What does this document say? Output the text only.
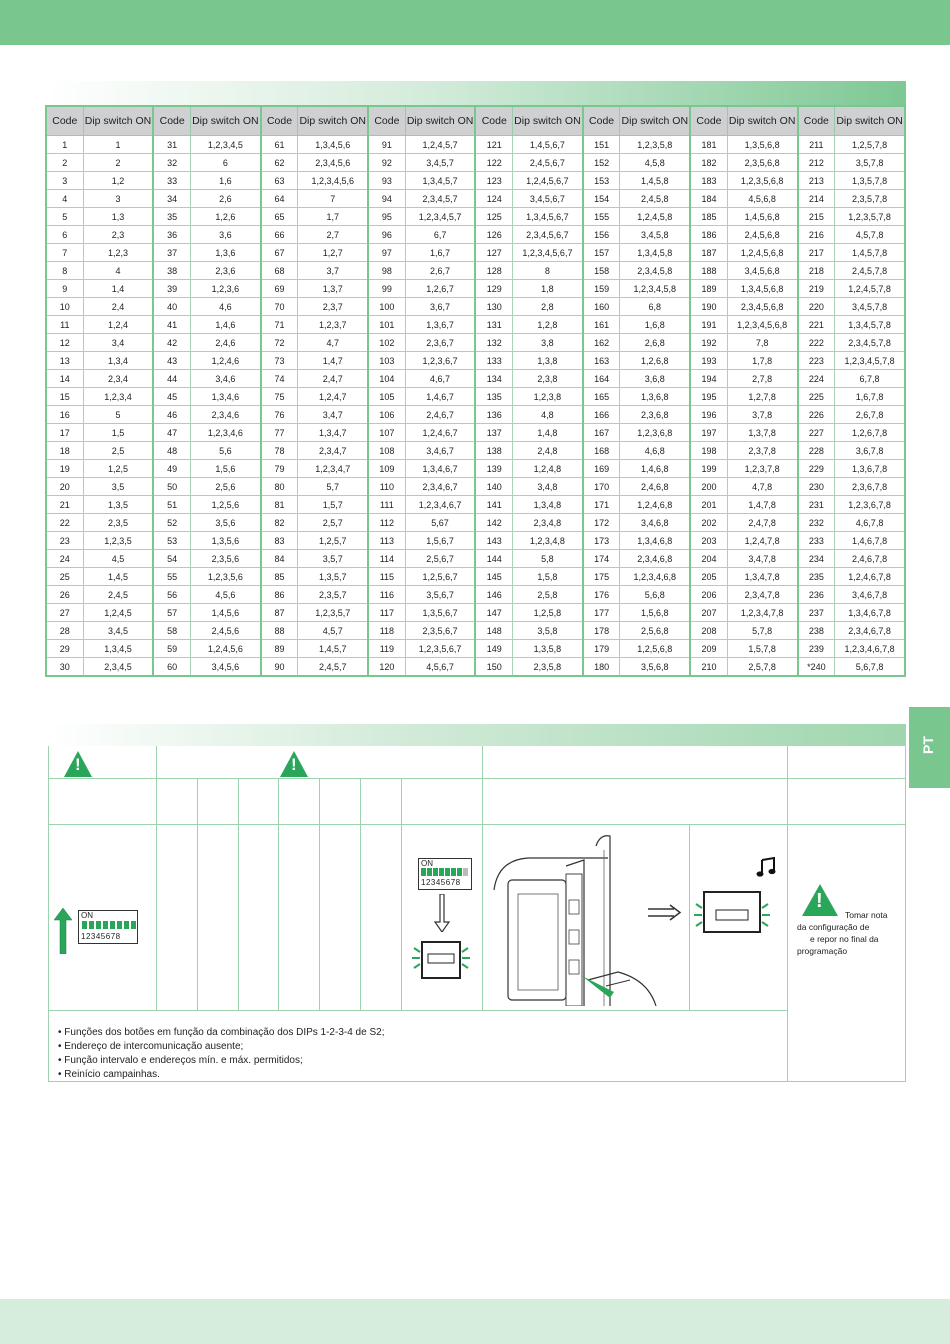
Code	Dip switch ON	Code	Dip switch ON	Code	Dip switch ON	Code	Dip switch ON	Code	Dip switch ON	Code	Dip switch ON	Code	Dip switch ON	Code	Dip switch ON
1	1	31	1,2,3,4,5	61	1,3,4,5,6	91	1,2,4,5,7	121	1,4,5,6,7	151	1,2,3,5,8	181	1,3,5,6,8	211	1,2,5,7,8
2	2	32	6	62	2,3,4,5,6	92	3,4,5,7	122	2,4,5,6,7	152	4,5,8	182	2,3,5,6,8	212	3,5,7,8
3	1,2	33	1,6	63	1,2,3,4,5,6	93	1,3,4,5,7	123	1,2,4,5,6,7	153	1,4,5,8	183	1,2,3,5,6,8	213	1,3,5,7,8
4	3	34	2,6	64	7	94	2,3,4,5,7	124	3,4,5,6,7	154	2,4,5,8	184	4,5,6,8	214	2,3,5,7,8
5	1,3	35	1,2,6	65	1,7	95	1,2,3,4,5,7	125	1,3,4,5,6,7	155	1,2,4,5,8	185	1,4,5,6,8	215	1,2,3,5,7,8
6	2,3	36	3,6	66	2,7	96	6,7	126	2,3,4,5,6,7	156	3,4,5,8	186	2,4,5,6,8	216	4,5,7,8
7	1,2,3	37	1,3,6	67	1,2,7	97	1,6,7	127	1,2,3,4,5,6,7	157	1,3,4,5,8	187	1,2,4,5,6,8	217	1,4,5,7,8
8	4	38	2,3,6	68	3,7	98	2,6,7	128	8	158	2,3,4,5,8	188	3,4,5,6,8	218	2,4,5,7,8
9	1,4	39	1,2,3,6	69	1,3,7	99	1,2,6,7	129	1,8	159	1,2,3,4,5,8	189	1,3,4,5,6,8	219	1,2,4,5,7,8
10	2,4	40	4,6	70	2,3,7	100	3,6,7	130	2,8	160	6,8	190	2,3,4,5,6,8	220	3,4,5,7,8
11	1,2,4	41	1,4,6	71	1,2,3,7	101	1,3,6,7	131	1,2,8	161	1,6,8	191	1,2,3,4,5,6,8	221	1,3,4,5,7,8
12	3,4	42	2,4,6	72	4,7	102	2,3,6,7	132	3,8	162	2,6,8	192	7,8	222	2,3,4,5,7,8
13	1,3,4	43	1,2,4,6	73	1,4,7	103	1,2,3,6,7	133	1,3,8	163	1,2,6,8	193	1,7,8	223	1,2,3,4,5,7,8
14	2,3,4	44	3,4,6	74	2,4,7	104	4,6,7	134	2,3,8	164	3,6,8	194	2,7,8	224	6,7,8
15	1,2,3,4	45	1,3,4,6	75	1,2,4,7	105	1,4,6,7	135	1,2,3,8	165	1,3,6,8	195	1,2,7,8	225	1,6,7,8
16	5	46	2,3,4,6	76	3,4,7	106	2,4,6,7	136	4,8	166	2,3,6,8	196	3,7,8	226	2,6,7,8
17	1,5	47	1,2,3,4,6	77	1,3,4,7	107	1,2,4,6,7	137	1,4,8	167	1,2,3,6,8	197	1,3,7,8	227	1,2,6,7,8
18	2,5	48	5,6	78	2,3,4,7	108	3,4,6,7	138	2,4,8	168	4,6,8	198	2,3,7,8	228	3,6,7,8
19	1,2,5	49	1,5,6	79	1,2,3,4,7	109	1,3,4,6,7	139	1,2,4,8	169	1,4,6,8	199	1,2,3,7,8	229	1,3,6,7,8
20	3,5	50	2,5,6	80	5,7	110	2,3,4,6,7	140	3,4,8	170	2,4,6,8	200	4,7,8	230	2,3,6,7,8
21	1,3,5	51	1,2,5,6	81	1,5,7	111	1,2,3,4,6,7	141	1,3,4,8	171	1,2,4,6,8	201	1,4,7,8	231	1,2,3,6,7,8
22	2,3,5	52	3,5,6	82	2,5,7	112	5,67	142	2,3,4,8	172	3,4,6,8	202	2,4,7,8	232	4,6,7,8
23	1,2,3,5	53	1,3,5,6	83	1,2,5,7	113	1,5,6,7	143	1,2,3,4,8	173	1,3,4,6,8	203	1,2,4,7,8	233	1,4,6,7,8
24	4,5	54	2,3,5,6	84	3,5,7	114	2,5,6,7	144	5,8	174	2,3,4,6,8	204	3,4,7,8	234	2,4,6,7,8
25	1,4,5	55	1,2,3,5,6	85	1,3,5,7	115	1,2,5,6,7	145	1,5,8	175	1,2,3,4,6,8	205	1,3,4,7,8	235	1,2,4,6,7,8
26	2,4,5	56	4,5,6	86	2,3,5,7	116	3,5,6,7	146	2,5,8	176	5,6,8	206	2,3,4,7,8	236	3,4,6,7,8
27	1,2,4,5	57	1,4,5,6	87	1,2,3,5,7	117	1,3,5,6,7	147	1,2,5,8	177	1,5,6,8	207	1,2,3,4,7,8	237	1,3,4,6,7,8
28	3,4,5	58	2,4,5,6	88	4,5,7	118	2,3,5,6,7	148	3,5,8	178	2,5,6,8	208	5,7,8	238	2,3,4,6,7,8
29	1,3,4,5	59	1,2,4,5,6	89	1,4,5,7	119	1,2,3,5,6,7	149	1,3,5,8	179	1,2,5,6,8	209	1,5,7,8	239	1,2,3,4,6,7,8
30	2,3,4,5	60	3,4,5,6	90	2,4,5,7	120	4,5,6,7	150	2,3,5,8	180	3,5,6,8	210	2,5,7,8	*240	5,6,7,8
PT
!	!
ON
12345678
ON
12345678
!
Tomar nota
da configuração de
e repor no final da
programação
• Funções dos botões em função da combinação dos DIPs 1-2-3-4 de S2;
• Endereço de intercomunicação ausente;
• Função intervalo e endereços mín. e máx. permitidos;
• Reinício campainhas.
